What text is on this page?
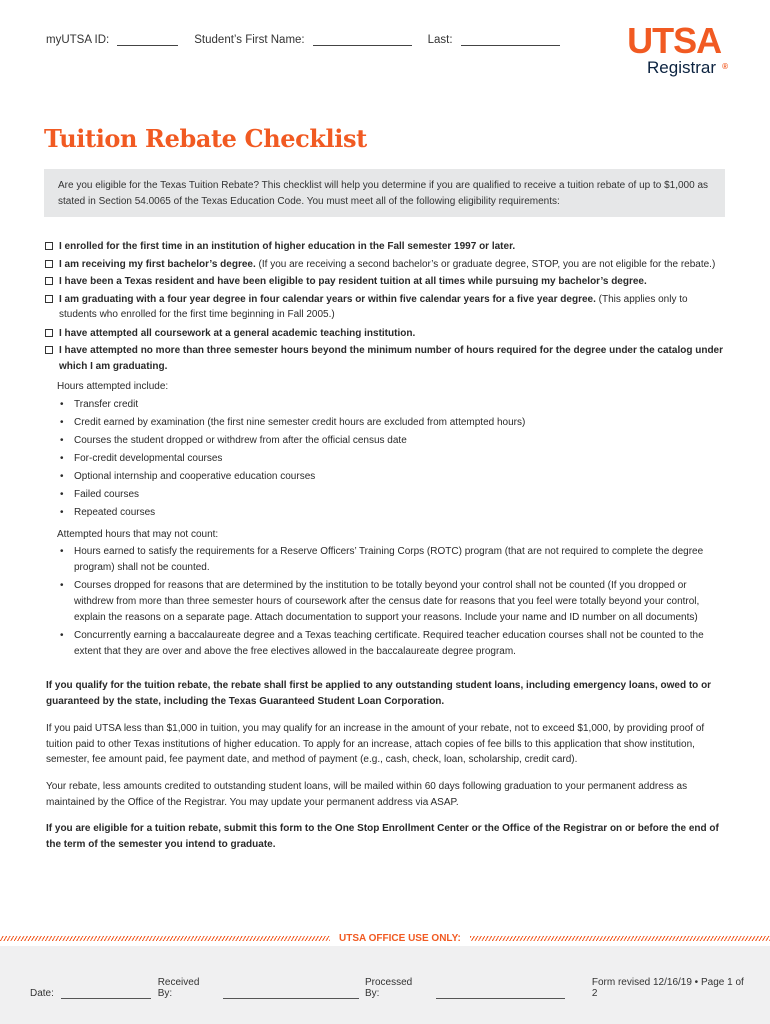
myUTSA ID:	Student’s First Name:	Last:	UTSA®
Registrar
Tuition Rebate Checklist
Are you eligible for the Texas Tuition Rebate? This checklist will help you determine if you are qualified to receive a tuition rebate of up to $1,000 as stated in Section 54.0065 of the Texas Education Code. You must meet all of the following eligibility requirements:
I enrolled for the first time in an institution of higher education in the Fall semester 1997 or later.
I am receiving my first bachelor’s degree. (If you are receiving a second bachelor’s or graduate degree, STOP, you are not eligible for the rebate.)
I have been a Texas resident and have been eligible to pay resident tuition at all times while pursuing my bachelor’s degree.
I am graduating with a four year degree in four calendar years or within five calendar years for a five year degree. (This applies only to students who enrolled for the first time beginning in Fall 2005.)
I have attempted all coursework at a general academic teaching institution.
I have attempted no more than three semester hours beyond the minimum number of hours required for the degree under the catalog under which I am graduating.
Hours attempted include:
• Transfer credit
• Credit earned by examination (the first nine semester credit hours are excluded from attempted hours)
• Courses the student dropped or withdrew from after the official census date
• For-credit developmental courses
• Optional internship and cooperative education courses
• Failed courses
• Repeated courses
Attempted hours that may not count:
• Hours earned to satisfy the requirements for a Reserve Officers’ Training Corps (ROTC) program (that are not required to complete the degree program) shall not be counted.
• Courses dropped for reasons that are determined by the institution to be totally beyond your control shall not be counted (If you dropped or withdrew from more than three semester hours of coursework after the census date for reasons that you feel were totally beyond your control, explain the reasons on a separate page. Attach documentation to support your reasons. Include your name and ID number on all documents)
• Concurrently earning a baccalaureate degree and a Texas teaching certificate. Required teacher education courses shall not be counted to the extent that they are over and above the free electives allowed in the baccalaureate degree program.
If you qualify for the tuition rebate, the rebate shall first be applied to any outstanding student loans, including emergency loans, owed to or guaranteed by the state, including the Texas Guaranteed Student Loan Corporation.
If you paid UTSA less than $1,000 in tuition, you may qualify for an increase in the amount of your rebate, not to exceed $1,000, by providing proof of tuition paid to other Texas institutions of higher education. To apply for an increase, attach copies of fee bills to this application that show institution, semester, fee amount paid, fee payment date, and method of payment (e.g., cash, check, loan, scholarship, credit card).
Your rebate, less amounts credited to outstanding student loans, will be mailed within 60 days following graduation to your permanent address as maintained by the Office of the Registrar. You may update your permanent address via ASAP.
If you are eligible for a tuition rebate, submit this form to the One Stop Enrollment Center or the Office of the Registrar on or before the end of the term of the semester you intend to graduate.
UTSA OFFICE USE ONLY:
Date:
Received By:
Processed By:
Form revised 12/16/19 • Page 1 of 2
